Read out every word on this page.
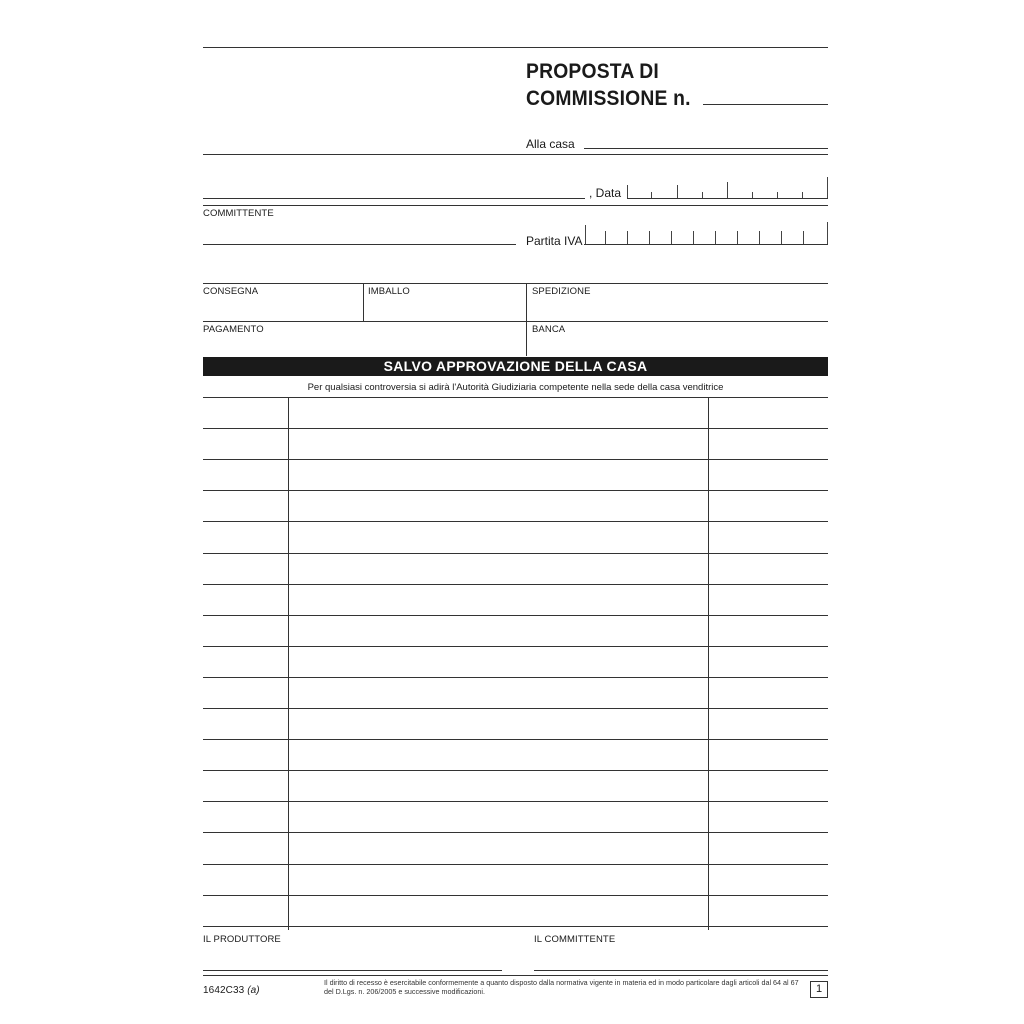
PROPOSTA DI
COMMISSIONE n.
Alla casa
, Data
COMMITTENTE
Partita IVA
CONSEGNA	IMBALLO	SPEDIZIONE
PAGAMENTO	BANCA
SALVO APPROVAZIONE DELLA CASA
Per qualsiasi controversia si adirà l'Autorità Giudiziaria competente nella sede della casa venditrice
IL PRODUTTORE	IL COMMITTENTE
1642C33 (a)
Il diritto di recesso è esercitabile conformemente a quanto disposto dalla normativa vigente in materia ed in modo particolare dagli articoli dal 64 al 67 del D.Lgs. n. 206/2005 e successive modificazioni.	1
